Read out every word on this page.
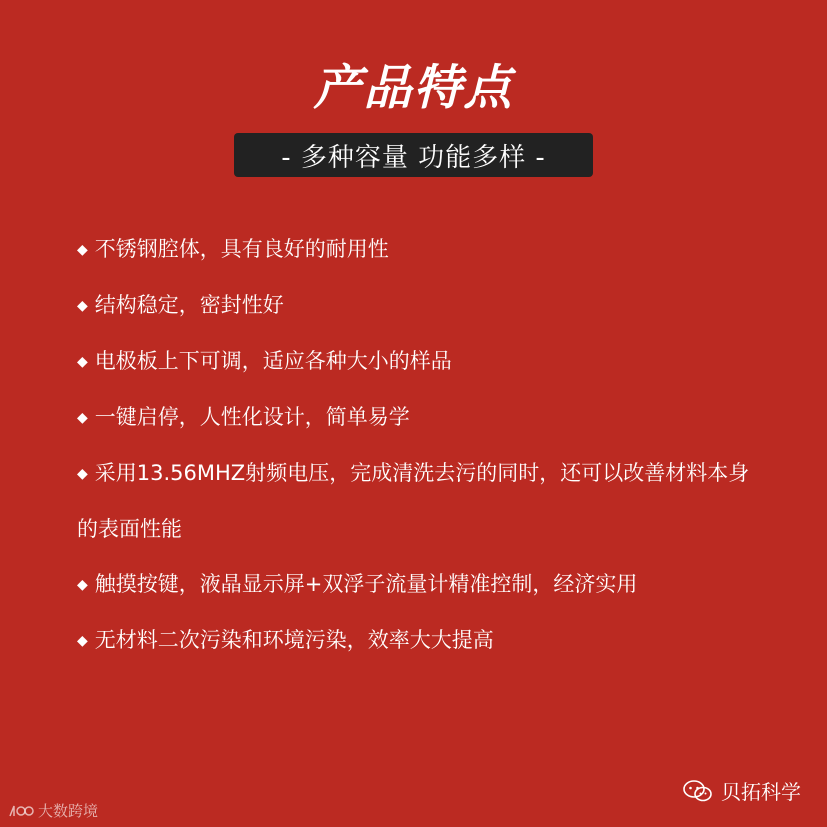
产品特点
- 多种容量 功能多样 -
◆ 不锈钢腔体，具有良好的耐用性
◆ 结构稳定，密封性好
◆ 电极板上下可调，适应各种大小的样品
◆ 一键启停，人性化设计，简单易学
◆ 采用13.56MHZ射频电压，完成清洗去污的同时，还可以改善材料本身的表面性能
◆ 触摸按键，液晶显示屏+双浮子流量计精准控制，经济实用
◆ 无材料二次污染和环境污染，效率大大提高
贝拓科学
大数跨境
